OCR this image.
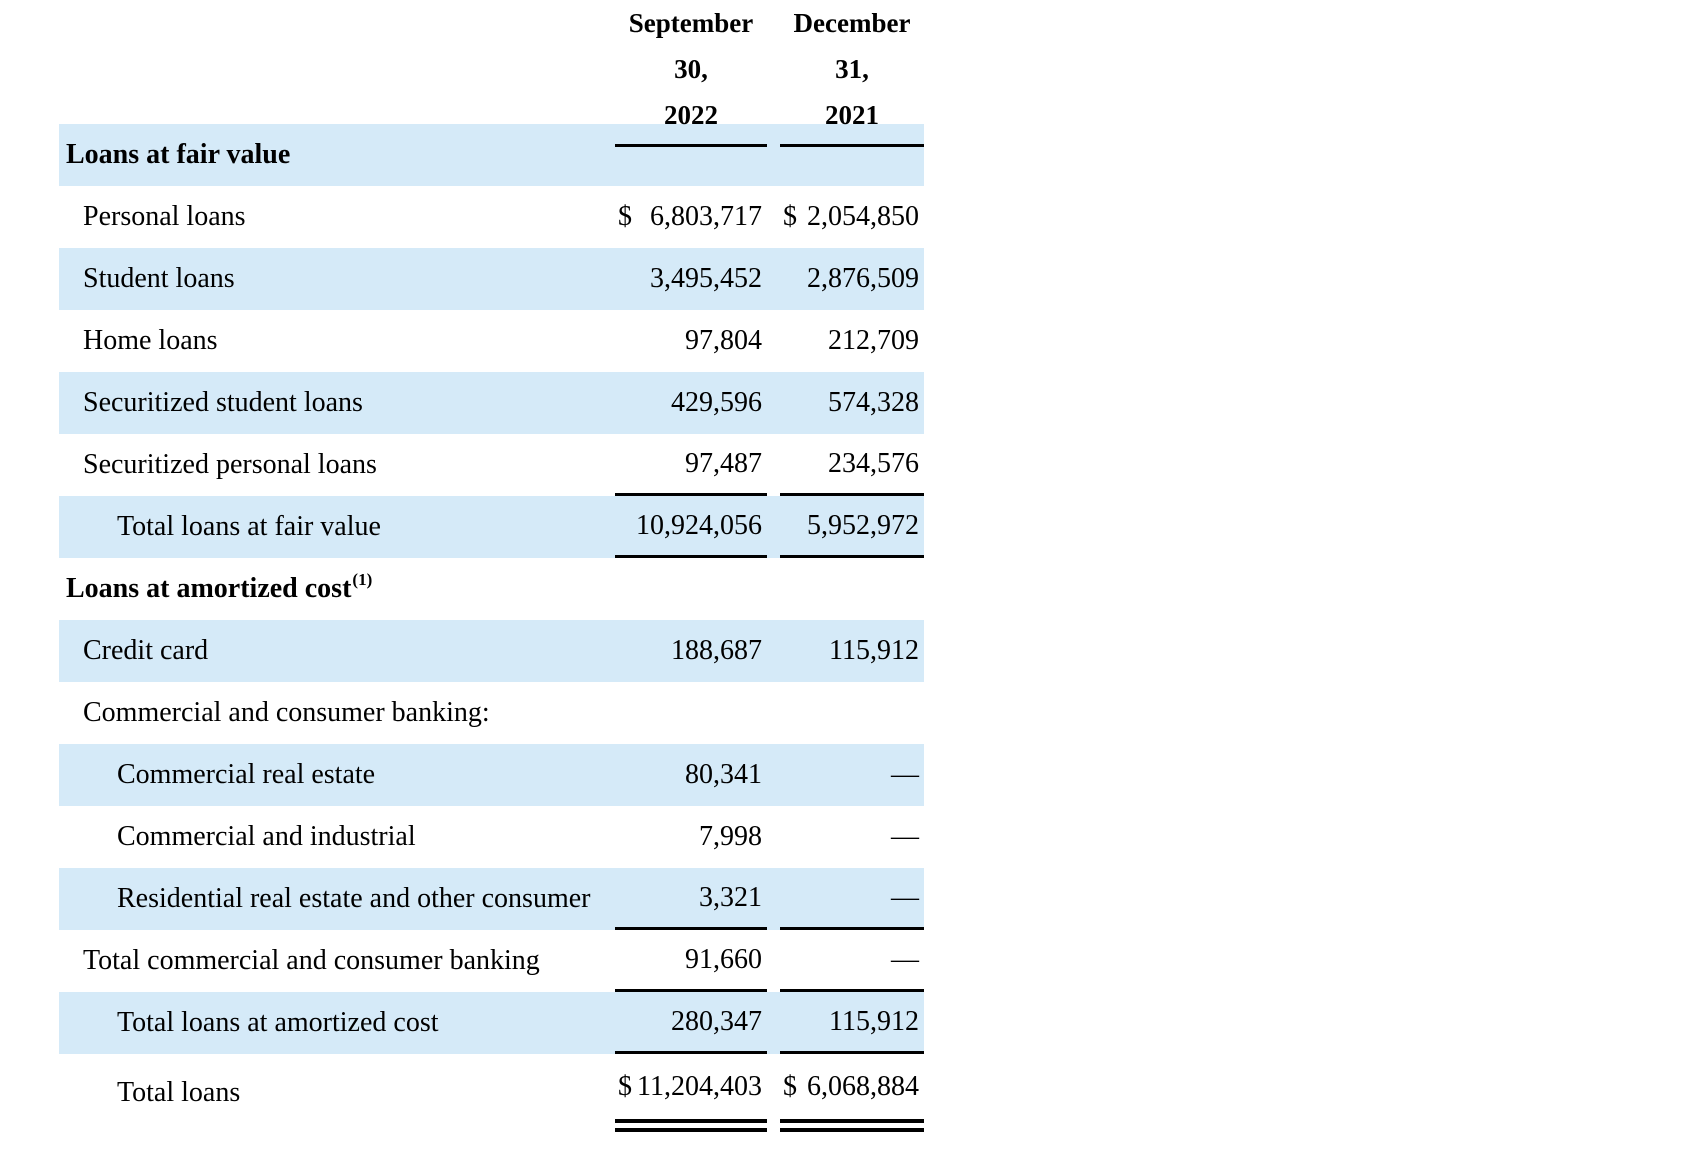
September 30,
2022
December 31,
2021
Loans at fair value
Personal loans	$ 6,803,717 $ 2,054,850
Student loans	3,495,452 2,876,509
Home loans	97,804 212,709
Securitized student loans	429,596 574,328
Securitized personal loans	97,487 234,576
Total loans at fair value	10,924,056 5,952,972
Loans at amortized cost$^{(1)}$
Credit card	188,687 115,912
Commercial and consumer banking:
Commercial real estate	80,341	—
Commercial and industrial	7,998	—
Residential real estate and other consumer	3,321	—
Total commercial and consumer banking	91,660	—
Total loans at amortized cost	280,347 115,912
Total loans	$ 11,204,403 $ 6,068,884
